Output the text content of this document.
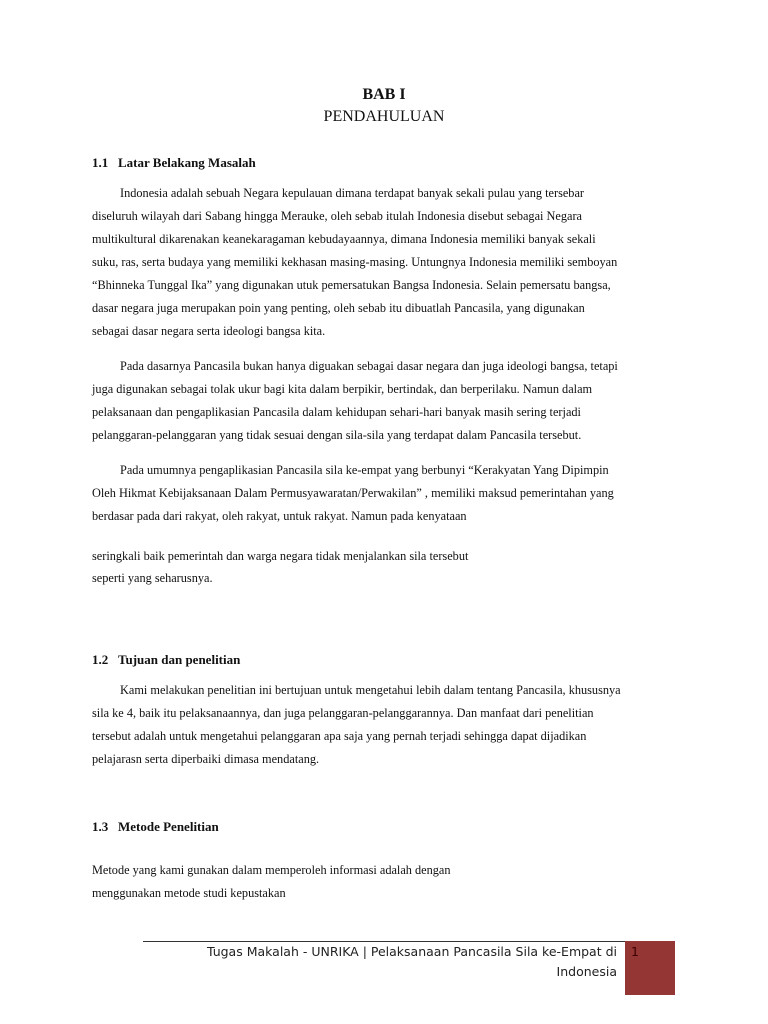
BAB I
PENDAHULUAN
1.1 Latar Belakang Masalah
Indonesia adalah sebuah Negara kepulauan dimana terdapat banyak sekali pulau yang tersebar
diseluruh wilayah dari Sabang hingga Merauke, oleh sebab itulah Indonesia disebut sebagai Negara
multikultural dikarenakan keanekaragaman kebudayaannya, dimana Indonesia memiliki banyak sekali
suku, ras, serta budaya yang memiliki kekhasan masing-masing. Untungnya Indonesia memiliki semboyan
“Bhinneka Tunggal Ika” yang digunakan utuk pemersatukan Bangsa Indonesia. Selain pemersatu bangsa,
dasar negara juga merupakan poin yang penting, oleh sebab itu dibuatlah Pancasila, yang digunakan
sebagai dasar negara serta ideologi bangsa kita.
Pada dasarnya Pancasila bukan hanya diguakan sebagai dasar negara dan juga ideologi bangsa, tetapi
juga digunakan sebagai tolak ukur bagi kita dalam berpikir, bertindak, dan berperilaku. Namun dalam
pelaksanaan dan pengaplikasian Pancasila dalam kehidupan sehari-hari banyak masih sering terjadi
pelanggaran-pelanggaran yang tidak sesuai dengan sila-sila yang terdapat dalam Pancasila tersebut.
Pada umumnya pengaplikasian Pancasila sila ke-empat yang berbunyi “Kerakyatan Yang Dipimpin
Oleh Hikmat Kebijaksanaan Dalam Permusyawaratan/Perwakilan” , memiliki maksud pemerintahan yang
berdasar pada dari rakyat, oleh rakyat, untuk rakyat. Namun pada kenyataan
seringkali baik pemerintah dan warga negara tidak menjalankan sila tersebut
seperti yang seharusnya.
1.2 Tujuan dan penelitian
Kami melakukan penelitian ini bertujuan untuk mengetahui lebih dalam tentang Pancasila, khususnya
sila ke 4, baik itu pelaksanaannya, dan juga pelanggaran-pelanggarannya. Dan manfaat dari penelitian
tersebut adalah untuk mengetahui pelanggaran apa saja yang pernah terjadi sehingga dapat dijadikan
pelajarasn serta diperbaiki dimasa mendatang.
1.3 Metode Penelitian
Metode yang kami gunakan dalam memperoleh informasi adalah dengan
menggunakan metode studi kepustakan
Tugas Makalah - UNRIKA | Pelaksanaan Pancasila Sila ke-Empat di
Indonesia
1
